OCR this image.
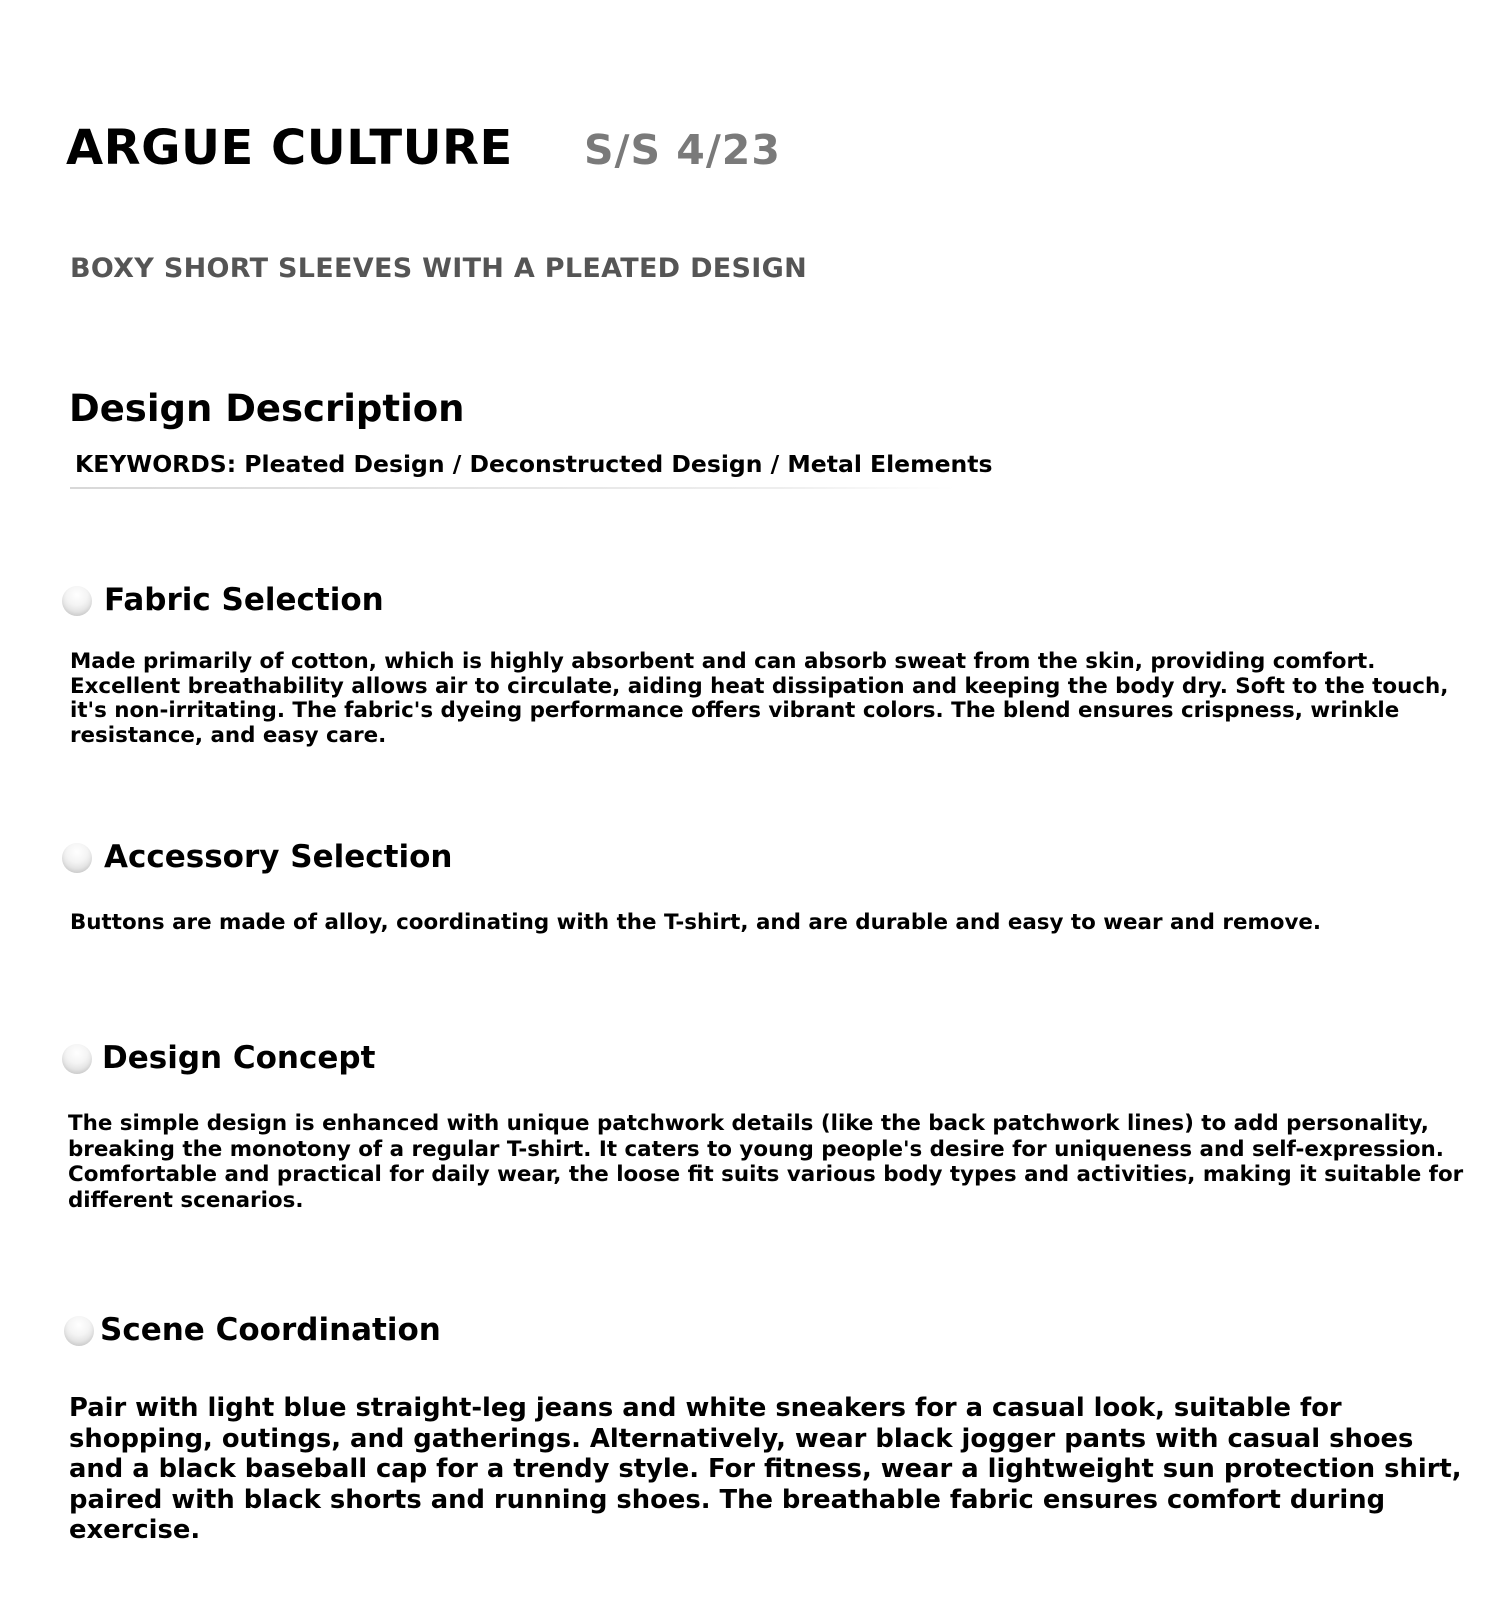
ARGUE CULTURE S/S 4/23
BOXY SHORT SLEEVES WITH A PLEATED DESIGN
Design Description
KEYWORDS: Pleated Design / Deconstructed Design / Metal Elements
Fabric Selection

Made primarily of cotton, which is highly absorbent and can absorb sweat from the skin, providing comfort. Excellent breathability allows air to circulate, aiding heat dissipation and keeping the body dry. Soft to the touch, it's non-irritating. The fabric's dyeing performance offers vibrant colors. The blend ensures crispness, wrinkle resistance, and easy care.

Accessory Selection

Buttons are made of alloy, coordinating with the T-shirt, and are durable and easy to wear and remove.

Design Concept

The simple design is enhanced with unique patchwork details (like the back patchwork lines) to add personality, breaking the monotony of a regular T-shirt. It caters to young people's desire for uniqueness and self-expression. Comfortable and practical for daily wear, the loose fit suits various body types and activities, making it suitable for different scenarios.

Scene Coordination

Pair with light blue straight-leg jeans and white sneakers for a casual look, suitable for shopping, outings, and gatherings. Alternatively, wear black jogger pants with casual shoes and a black baseball cap for a trendy style. For fitness, wear a lightweight sun protection shirt, paired with black shorts and running shoes. The breathable fabric ensures comfort during exercise.
